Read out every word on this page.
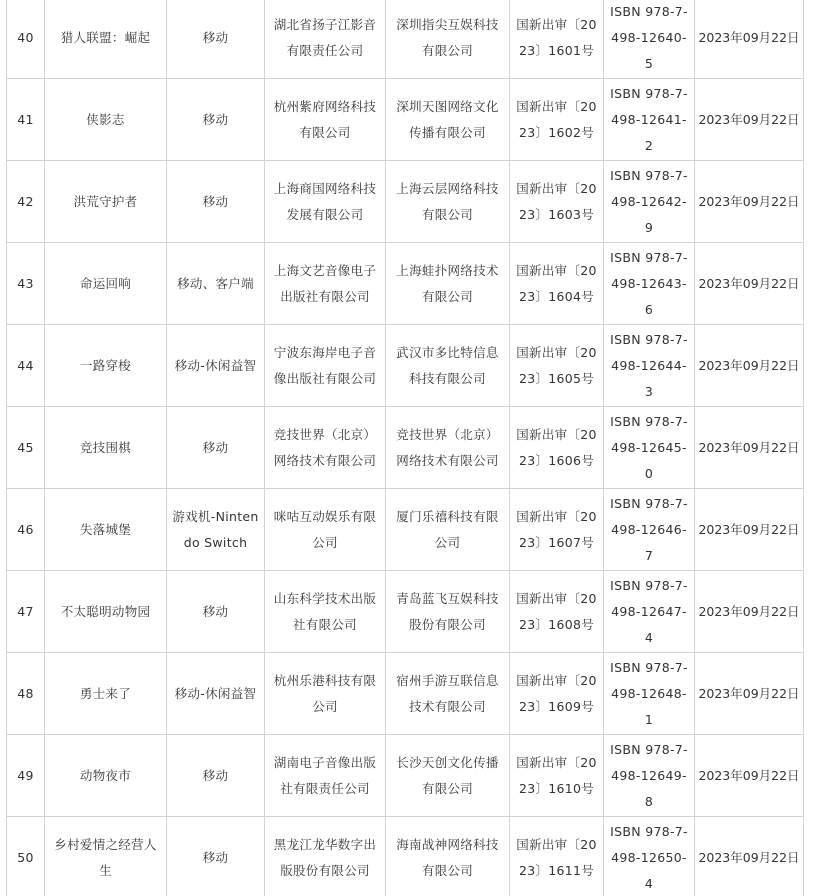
40	猎人联盟：崛起	移动	湖北省扬子江影音有限责任公司	深圳指尖互娱科技有限公司	国新出审〔2023〕1601号	ISBN 978-7-498-12640-5	2023年09月22日
41	侠影志	移动	杭州紫府网络科技有限公司	深圳天图网络文化传播有限公司	国新出审〔2023〕1602号	ISBN 978-7-498-12641-2	2023年09月22日
42	洪荒守护者	移动	上海商国网络科技发展有限公司	上海云层网络科技有限公司	国新出审〔2023〕1603号	ISBN 978-7-498-12642-9	2023年09月22日
43	命运回响	移动、客户端	上海文艺音像电子出版社有限公司	上海蛙扑网络技术有限公司	国新出审〔2023〕1604号	ISBN 978-7-498-12643-6	2023年09月22日
44	一路穿梭	移动-休闲益智	宁波东海岸电子音像出版社有限公司	武汉市多比特信息科技有限公司	国新出审〔2023〕1605号	ISBN 978-7-498-12644-3	2023年09月22日
45	竞技围棋	移动	竞技世界（北京）网络技术有限公司	竞技世界（北京）网络技术有限公司	国新出审〔2023〕1606号	ISBN 978-7-498-12645-0	2023年09月22日
46	失落城堡	游戏机-Nintendo Switch	咪咕互动娱乐有限公司	厦门乐禧科技有限公司	国新出审〔2023〕1607号	ISBN 978-7-498-12646-7	2023年09月22日
47	不太聪明动物园	移动	山东科学技术出版社有限公司	青岛蓝飞互娱科技股份有限公司	国新出审〔2023〕1608号	ISBN 978-7-498-12647-4	2023年09月22日
48	勇士来了	移动-休闲益智	杭州乐港科技有限公司	宿州手游互联信息技术有限公司	国新出审〔2023〕1609号	ISBN 978-7-498-12648-1	2023年09月22日
49	动物夜市	移动	湖南电子音像出版社有限责任公司	长沙天创文化传播有限公司	国新出审〔2023〕1610号	ISBN 978-7-498-12649-8	2023年09月22日
50	乡村爱情之经营人生	移动	黑龙江龙华数字出版股份有限公司	海南战神网络科技有限公司	国新出审〔2023〕1611号	ISBN 978-7-498-12650-4	2023年09月22日
